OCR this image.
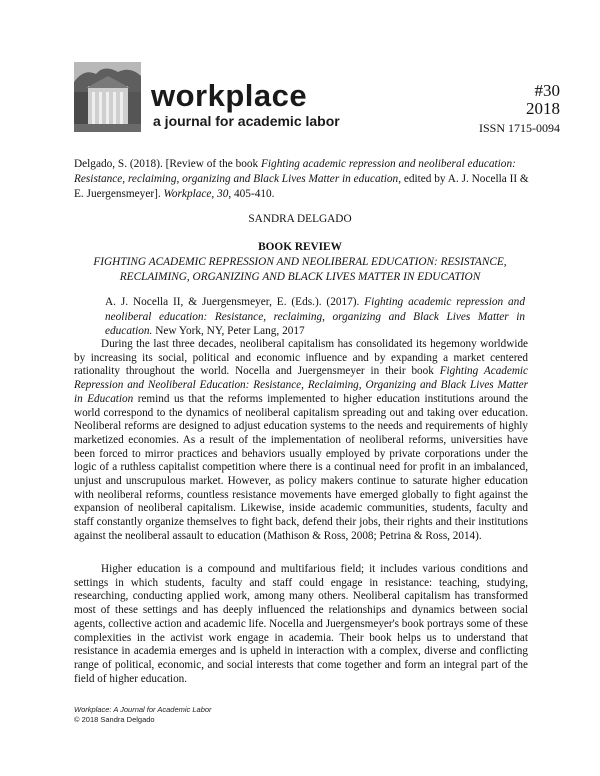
workplace
a journal for academic labor
#30
2018
ISSN 1715-0094
Delgado, S. (2018). [Review of the book Fighting academic repression and neoliberal education: Resistance, reclaiming, organizing and Black Lives Matter in education, edited by A. J. Nocella II & E. Juergensmeyer]. Workplace, 30, 405-410.
SANDRA DELGADO
BOOK REVIEW
FIGHTING ACADEMIC REPRESSION AND NEOLIBERAL EDUCATION: RESISTANCE, RECLAIMING, ORGANIZING AND BLACK LIVES MATTER IN EDUCATION
A. J. Nocella II, & Juergensmeyer, E. (Eds.). (2017). Fighting academic repression and neoliberal education: Resistance, reclaiming, organizing and Black Lives Matter in education. New York, NY, Peter Lang, 2017

During the last three decades, neoliberal capitalism has consolidated its hegemony worldwide by increasing its social, political and economic influence and by expanding a market centered rationality throughout the world. Nocella and Juergensmeyer in their book Fighting Academic Repression and Neoliberal Education: Resistance, Reclaiming, Organizing and Black Lives Matter in Education remind us that the reforms implemented to higher education institutions around the world correspond to the dynamics of neoliberal capitalism spreading out and taking over education. Neoliberal reforms are designed to adjust education systems to the needs and requirements of highly marketized economies. As a result of the implementation of neoliberal reforms, universities have been forced to mirror practices and behaviors usually employed by private corporations under the logic of a ruthless capitalist competition where there is a continual need for profit in an imbalanced, unjust and unscrupulous market. However, as policy makers continue to saturate higher education with neoliberal reforms, countless resistance movements have emerged globally to fight against the expansion of neoliberal capitalism. Likewise, inside academic communities, students, faculty and staff constantly organize themselves to fight back, defend their jobs, their rights and their institutions against the neoliberal assault to education (Mathison & Ross, 2008; Petrina & Ross, 2014).

Higher education is a compound and multifarious field; it includes various conditions and settings in which students, faculty and staff could engage in resistance: teaching, studying, researching, conducting applied work, among many others. Neoliberal capitalism has transformed most of these settings and has deeply influenced the relationships and dynamics between social agents, collective action and academic life. Nocella and Juergensmeyer's book portrays some of these complexities in the activist work engage in academia. Their book helps us to understand that resistance in academia emerges and is upheld in interaction with a complex, diverse and conflicting range of political, economic, and social interests that come together and form an integral part of the field of higher education.

Workplace: A Journal for Academic Labor
© 2018 Sandra Delgado
